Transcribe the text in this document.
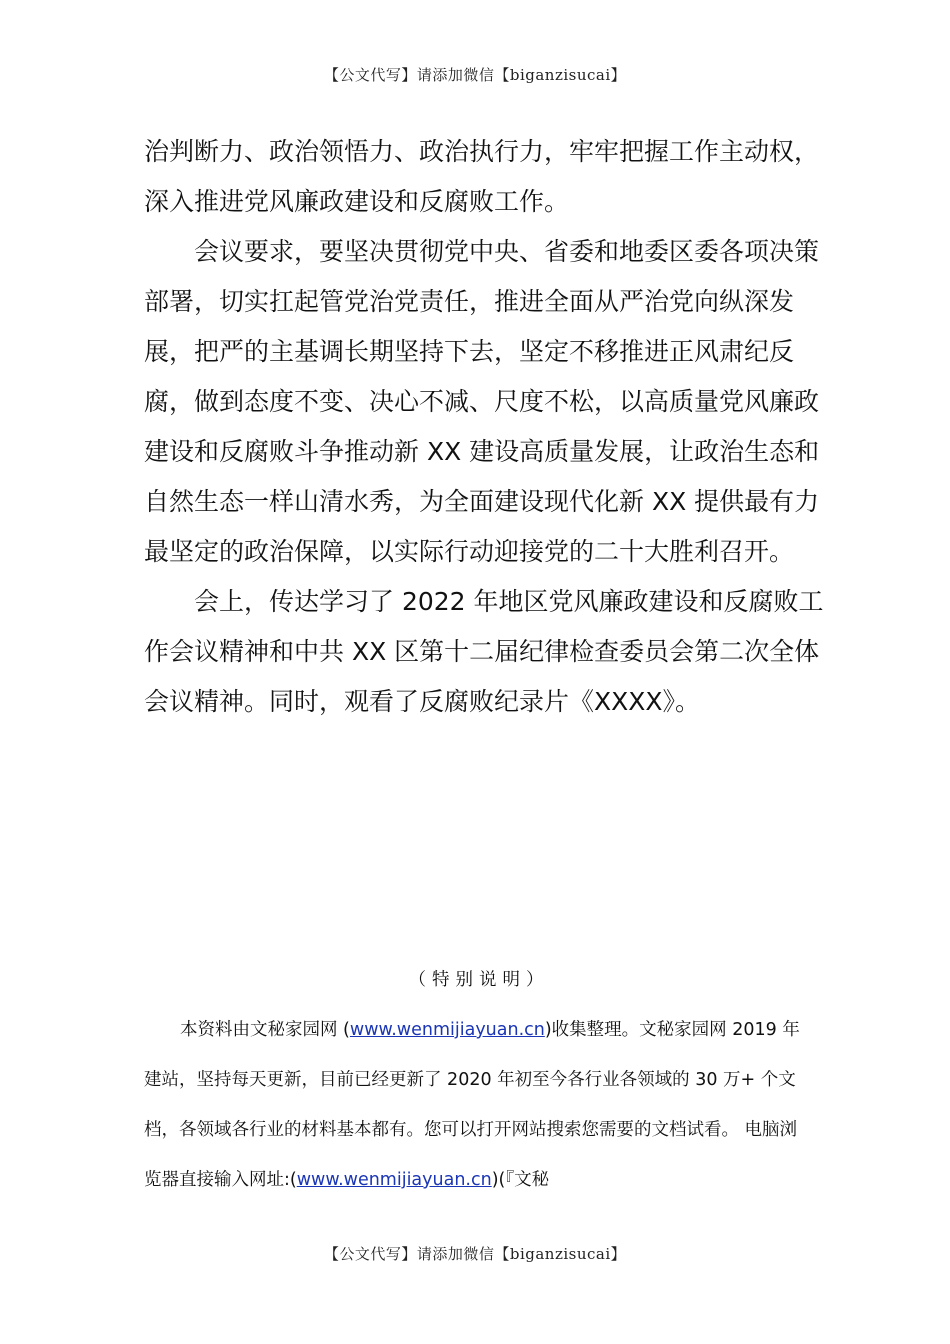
【公文代写】请添加微信【biganzisucai】

治判断力、政治领悟力、政治执行力，牢牢把握工作主动权，深入推进党风廉政建设和反腐败工作。

会议要求，要坚决贯彻党中央、省委和地委区委各项决策部署，切实扛起管党治党责任，推进全面从严治党向纵深发展，把严的主基调长期坚持下去，坚定不移推进正风肃纪反腐，做到态度不变、决心不减、尺度不松，以高质量党风廉政建设和反腐败斗争推动新 XX 建设高质量发展，让政治生态和自然生态一样山清水秀，为全面建设现代化新 XX 提供最有力最坚定的政治保障，以实际行动迎接党的二十大胜利召开。

会上，传达学习了 2022 年地区党风廉政建设和反腐败工作会议精神和中共 XX 区第十二届纪律检查委员会第二次全体会议精神。同时，观看了反腐败纪录片《XXXX》。

（特别说明）

本资料由文秘家园网 (www.wenmijiayuan.cn)收集整理。文秘家园网 2019 年建站，坚持每天更新，目前已经更新了 2020 年初至今各行业各领域的 30 万+ 个文档，各领域各行业的材料基本都有。您可以打开网站搜索您需要的文档试看。 电脑浏览器直接输入网址:(www.wenmijiayuan.cn)(『文秘

【公文代写】请添加微信【biganzisucai】
